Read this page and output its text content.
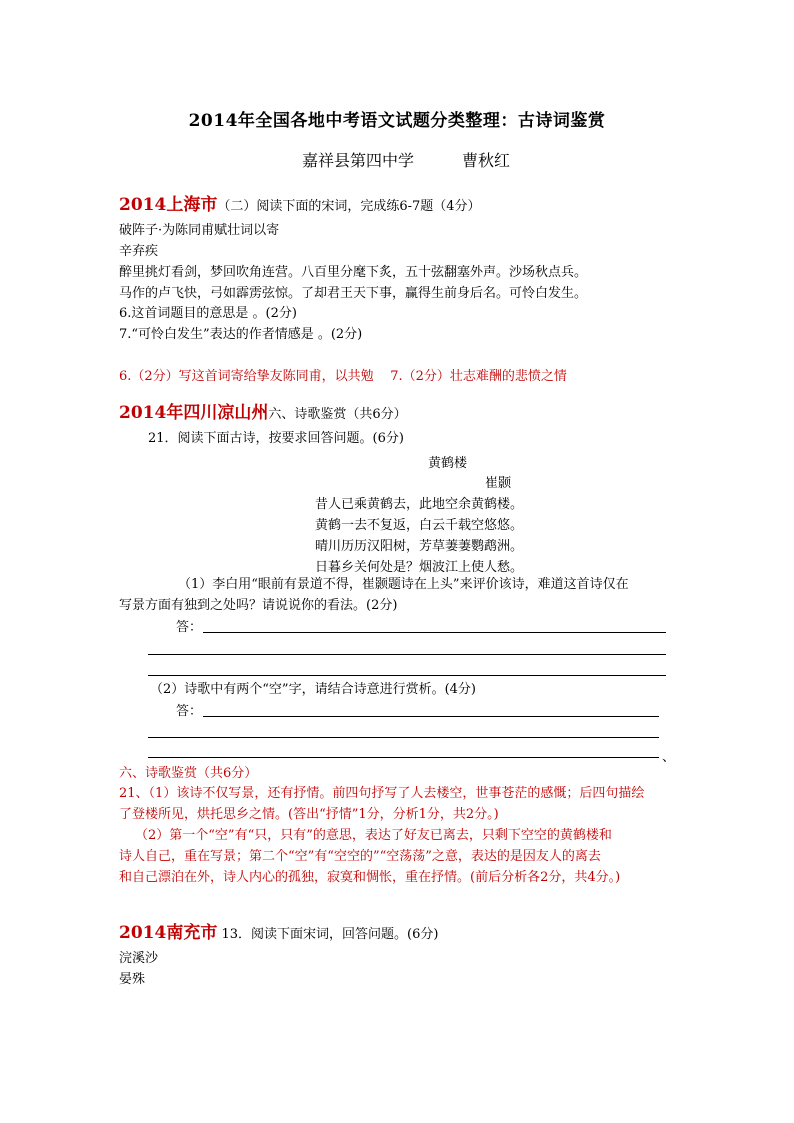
2014年全国各地中考语文试题分类整理：古诗词鉴赏
嘉祥县第四中学	曹秋红
2014上海市（二）阅读下面的宋词，完成练6-7题（4分）
破阵子·为陈同甫赋壮词以寄
辛弃疾
醉里挑灯看剑，梦回吹角连营。八百里分麾下炙，五十弦翻塞外声。沙场秋点兵。
马作的卢飞快，弓如霹雳弦惊。了却君王天下事，赢得生前身后名。可怜白发生。
6.这首词题目的意思是 。(2分)
7.“可怜白发生”表达的作者情感是 。(2分)
6.（2分）写这首词寄给挚友陈同甫，以共勉    7.（2分）壮志难酬的悲愤之情
2014年四川凉山州六、诗歌鉴赏（共6分）
21．阅读下面古诗，按要求回答问题。(6分)
黄鹤楼
崔颢
昔人已乘黄鹤去，此地空余黄鹤楼。
黄鹤一去不复返，白云千载空悠悠。
晴川历历汉阳树，芳草萋萋鹦鹉洲。
日暮乡关何处是？烟波江上使人愁。
（1）李白用“眼前有景道不得，崔颢题诗在上头”来评价该诗，难道这首诗仅在
写景方面有独到之处吗？请说说你的看法。(2分)
答：
（2）诗歌中有两个“空”字，请结合诗意进行赏析。(4分)
答：
、
六、诗歌鉴赏（共6分）
21、（1）该诗不仅写景，还有抒情。前四句抒写了人去楼空，世事苍茫的感慨；后四句描绘
了登楼所见，烘托思乡之情。(答出“抒情”1分，分析1分，共2分。)
（2）第一个“空”有“只，只有”的意思，表达了好友已离去，只剩下空空的黄鹤楼和
诗人自己，重在写景；第二个“空”有“空空的”“空荡荡”之意，表达的是因友人的离去
和自己漂泊在外，诗人内心的孤独，寂寞和惆怅，重在抒情。(前后分析各2分，共4分。)
2014南充市 13．阅读下面宋词，回答问题。(6分)
浣溪沙
晏殊
